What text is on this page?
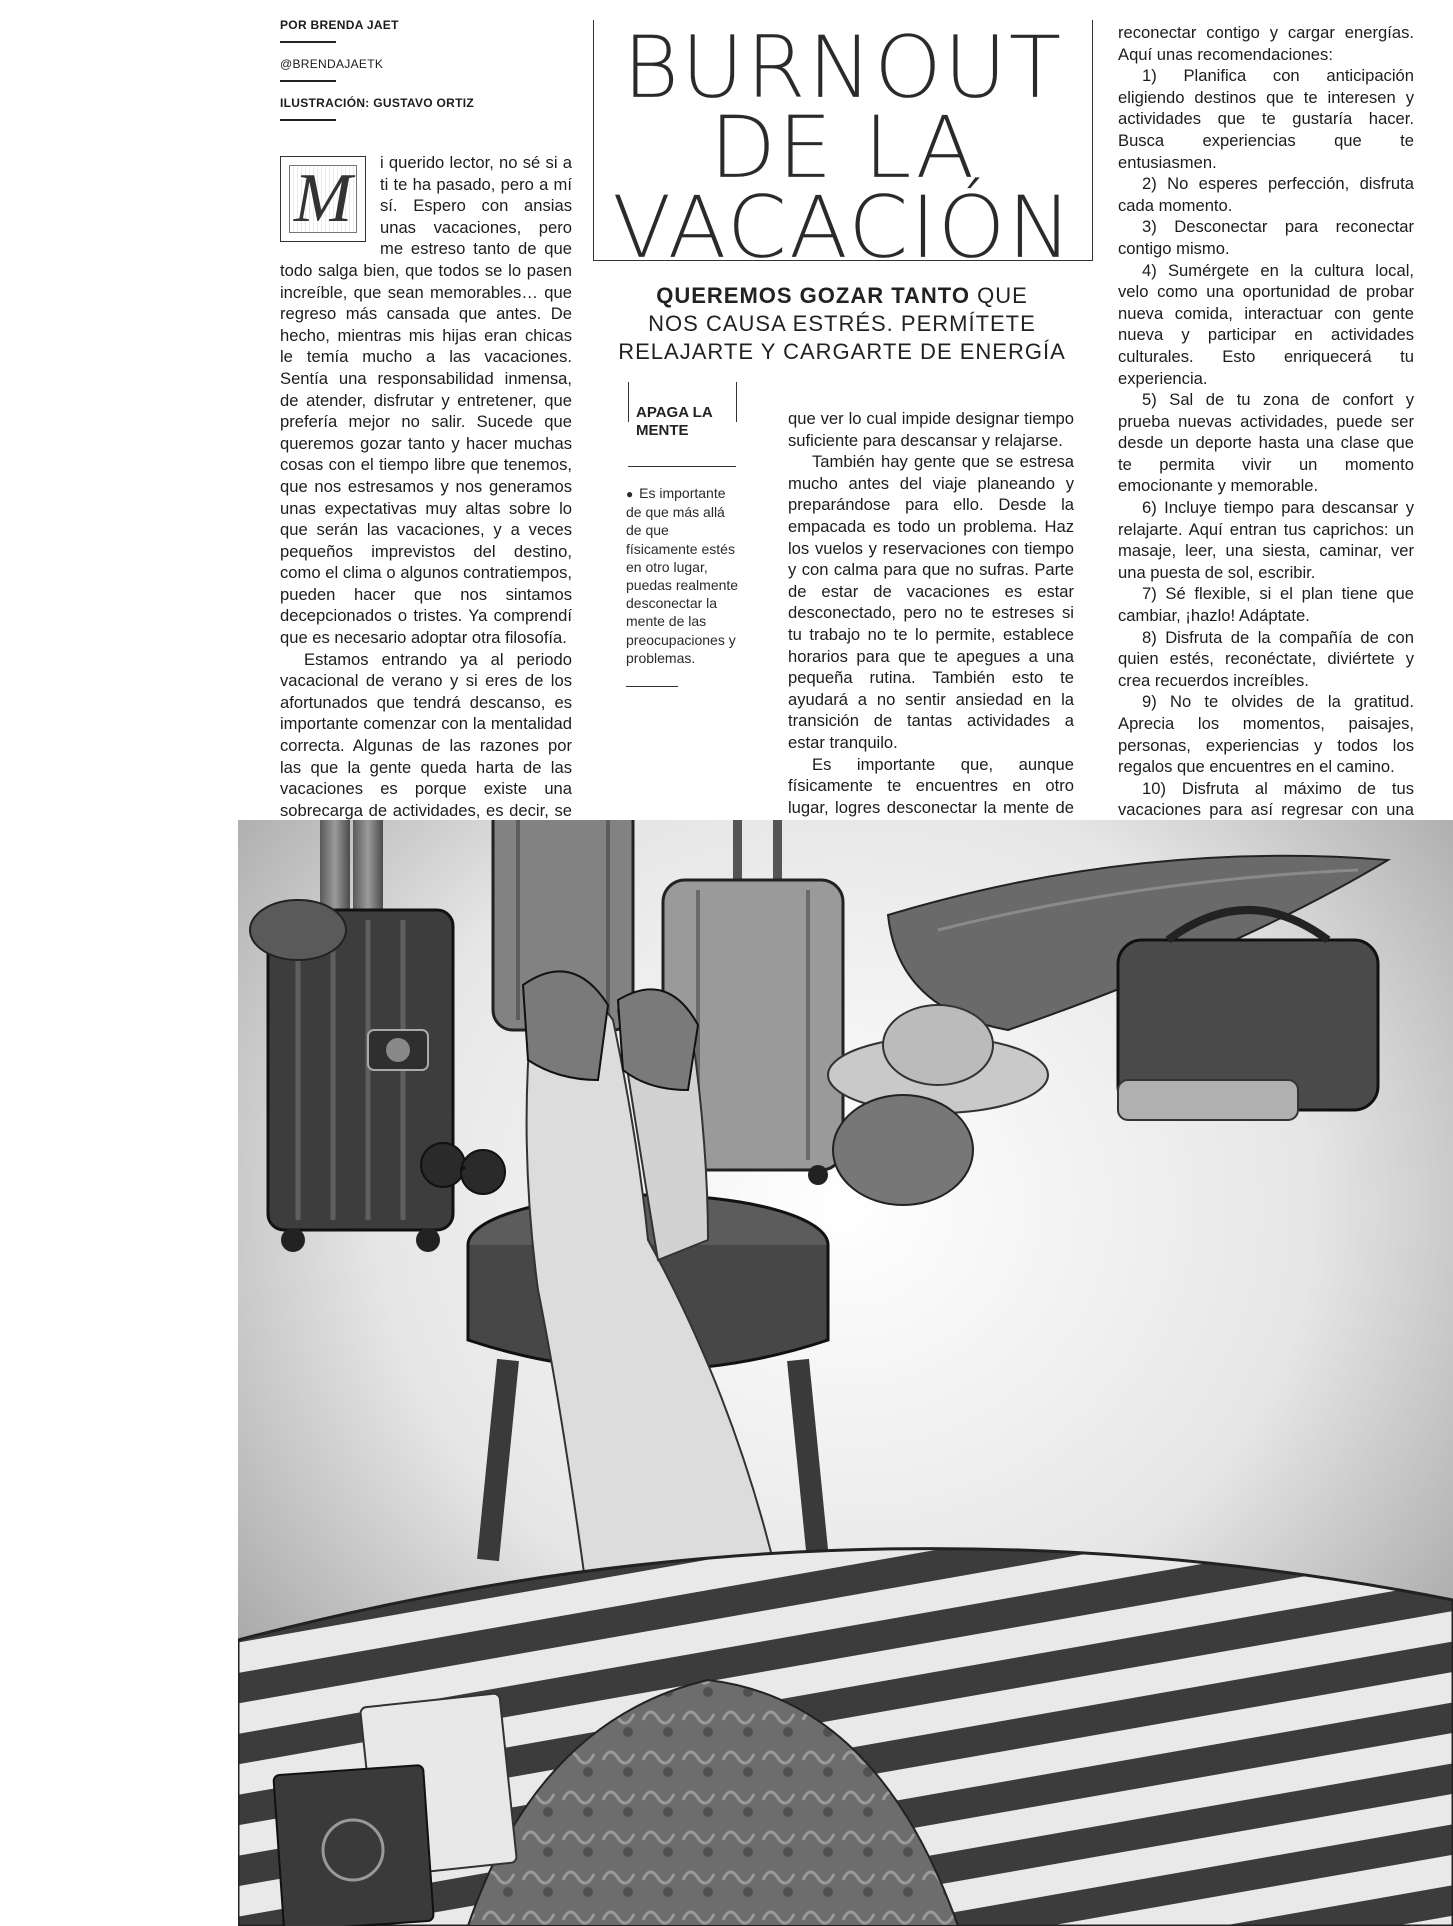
POR BRENDA JAET
@BRENDAJAETK
ILUSTRACIÓN: GUSTAVO ORTIZ	BURNOUT
DE LA
VACACIÓN
QUEREMOS GOZAR TANTO QUE
NOS CAUSA ESTRÉS. PERMÍTETE
RELAJARTE Y CARGARTE DE ENERGÍA
M	i querido lector, no sé si a ti te ha pasado, pero a mí sí. Espero con ansias unas vacaciones, pero me estreso tanto de que todo salga bien, que todos se lo pasen increíble, que sean memorables… que regreso más cansada que antes. De hecho, mientras mis hijas eran chicas le temía mucho a las vacaciones. Sentía una responsabilidad inmensa, de atender, disfrutar y entretener, que prefería mejor no salir. Sucede que queremos gozar tanto y hacer muchas cosas con el tiempo libre que tenemos, que nos estresamos y nos generamos unas expectativas muy altas sobre lo que serán las vacaciones, y a veces pequeños imprevistos del destino, como el clima o algunos contratiempos, pueden hacer que nos sintamos decepcionados o tristes. Ya comprendí que es necesario adoptar otra filosofía.

Estamos entrando ya al periodo vacacional de verano y si eres de los afortunados que tendrá descanso, es importante comenzar con la mentalidad correcta. Algunas de las razones por las que la gente queda harta de las vacaciones es porque existe una sobrecarga de actividades, es decir, se

APAGA LA MENTE
● Es importante de que más allá de que físicamente estés en otro lugar, puedas realmente desconectar la mente de las preocupaciones y problemas.

que ver lo cual impide designar tiempo suficiente para descansar y relajarse.

También hay gente que se estresa mucho antes del viaje planeando y preparándose para ello. Desde la empacada es todo un problema. Haz los vuelos y reservaciones con tiempo y con calma para que no sufras. Parte de estar de vacaciones es estar desconectado, pero no te estreses si tu trabajo no te lo permite, establece horarios para que te apegues a una pequeña rutina. También esto te ayudará a no sentir ansiedad en la transición de tantas actividades a estar tranquilo.

Es importante que, aunque físicamente te encuentres en otro lugar, logres desconectar la mente de

reconectar contigo y cargar energías. Aquí unas recomendaciones:

1) Planifica con anticipación eligiendo destinos que te interesen y actividades que te gustaría hacer. Busca experiencias que te entusiasmen.

2) No esperes perfección, disfruta cada momento.

3) Desconectar para reconectar contigo mismo.

4) Sumérgete en la cultura local, velo como una oportunidad de probar nueva comida, interactuar con gente nueva y participar en actividades culturales. Esto enriquecerá tu experiencia.

5) Sal de tu zona de confort y prueba nuevas actividades, puede ser desde un deporte hasta una clase que te permita vivir un momento emocionante y memorable.

6) Incluye tiempo para descansar y relajarte. Aquí entran tus caprichos: un masaje, leer, una siesta, caminar, ver una puesta de sol, escribir.

7) Sé flexible, si el plan tiene que cambiar, ¡hazlo! Adáptate.

8) Disfruta de la compañía de con quien estés, reconéctate, diviértete y crea recuerdos increíbles.

9) No te olvides de la gratitud. Aprecia los momentos, paisajes, personas, experiencias y todos los regalos que encuentres en el camino.

10) Disfruta al máximo de tus vacaciones para así regresar con una
